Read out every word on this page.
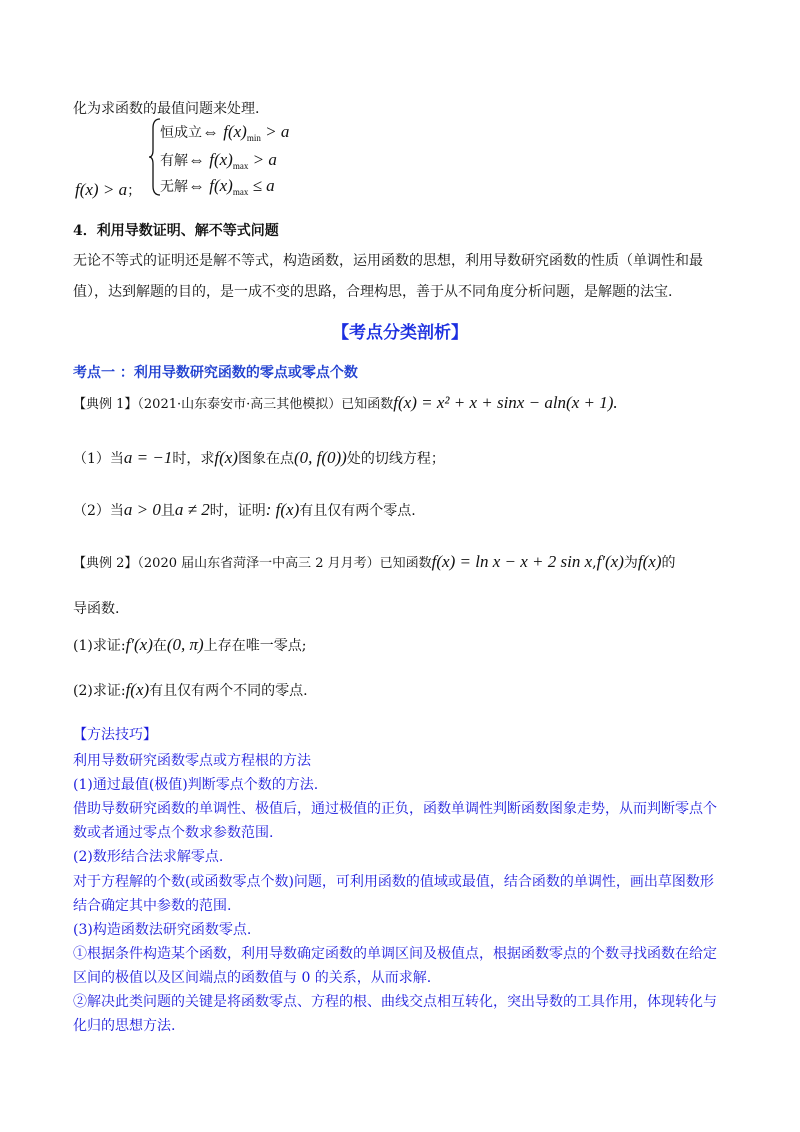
化为求函数的最值问题来处理.
恒成立⇔ $f(x)_{min} > a$
有解⇔ $f(x)_{max} > a$
无解⇔ $f(x)_{max} \le a$
f(x) > a；
4．利用导数证明、解不等式问题
无论不等式的证明还是解不等式，构造函数，运用函数的思想，利用导数研究函数的性质（单调性和最
值），达到解题的目的，是一成不变的思路，合理构思，善于从不同角度分析问题，是解题的法宝.
【考点分类剖析】
考点一 ：利用导数研究函数的零点或零点个数
【典例 1】（2021·山东泰安市·高三其他模拟）已知函数f(x) = x² + x + sinx − aln(x + 1).
（1）当a = −1时，求f(x)图象在点(0, f(0))处的切线方程；
（2）当a > 0且a ≠ 2时，证明: f(x)有且仅有两个零点.
【典例 2】（2020 届山东省菏泽一中高三 2 月月考）已知函数f(x) = ln x − x + 2 sin x,f′(x)为f(x)的
导函数.
(1)求证:f′(x)在(0, π)上存在唯一零点;
(2)求证:f(x)有且仅有两个不同的零点.
【方法技巧】
利用导数研究函数零点或方程根的方法
(1)通过最值(极值)判断零点个数的方法.
借助导数研究函数的单调性、极值后，通过极值的正负，函数单调性判断函数图象走势，从而判断零点个
数或者通过零点个数求参数范围.
(2)数形结合法求解零点.
对于方程解的个数(或函数零点个数)问题，可利用函数的值域或最值，结合函数的单调性，画出草图数形
结合确定其中参数的范围.
(3)构造函数法研究函数零点.
①根据条件构造某个函数，利用导数确定函数的单调区间及极值点，根据函数零点的个数寻找函数在给定
区间的极值以及区间端点的函数值与 0 的关系，从而求解.
②解决此类问题的关键是将函数零点、方程的根、曲线交点相互转化，突出导数的工具作用，体现转化与
化归的思想方法.
